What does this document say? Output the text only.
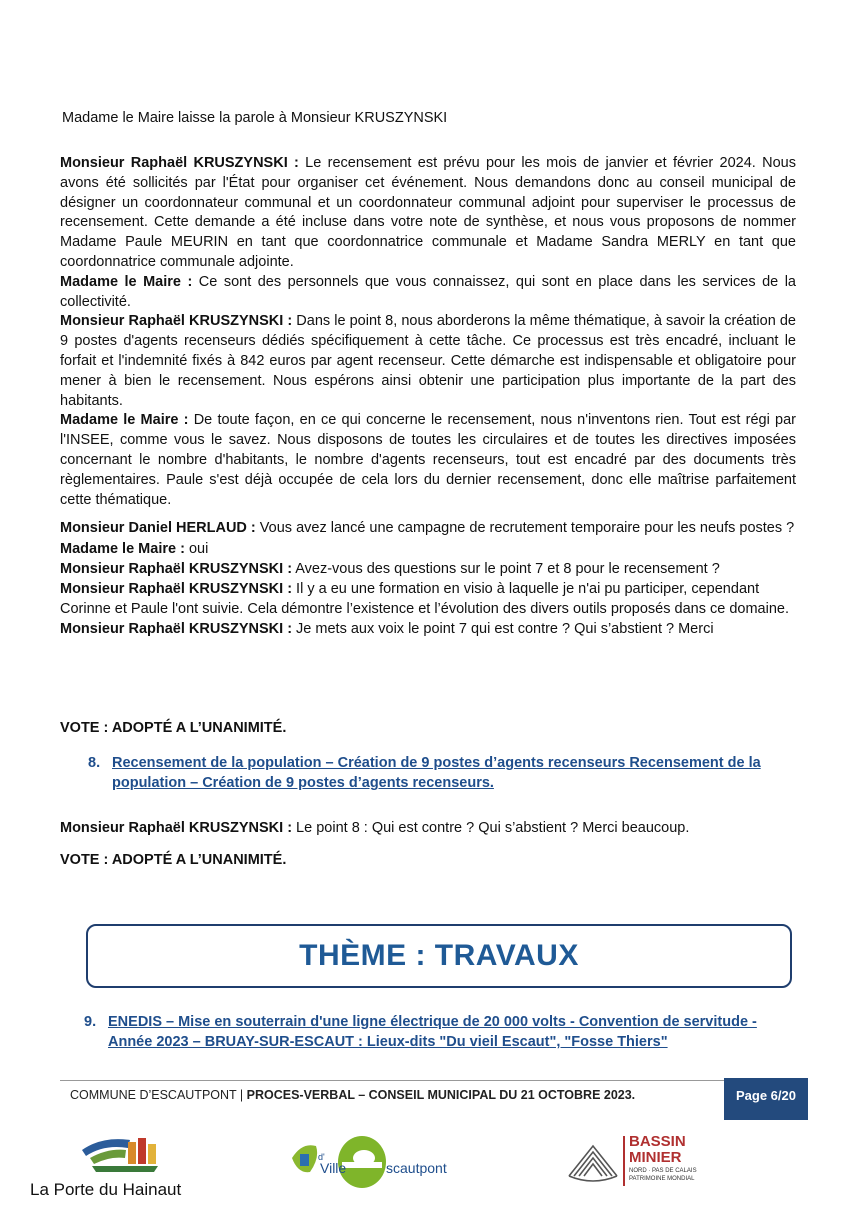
Madame le Maire laisse la parole à Monsieur KRUSZYNSKI

Monsieur Raphaël KRUSZYNSKI : Le recensement est prévu pour les mois de janvier et février 2024. Nous avons été sollicités par l'État pour organiser cet événement. Nous demandons donc au conseil municipal de désigner un coordonnateur communal et un coordonnateur communal adjoint pour superviser le processus de recensement. Cette demande a été incluse dans votre note de synthèse, et nous vous proposons de nommer Madame Paule MEURIN en tant que coordonnatrice communale et Madame Sandra MERLY en tant que coordonnatrice communale adjointe.

Madame le Maire : Ce sont des personnels que vous connaissez, qui sont en place dans les services de la collectivité.

Monsieur Raphaël KRUSZYNSKI : Dans le point 8, nous aborderons la même thématique, à savoir la création de 9 postes d'agents recenseurs dédiés spécifiquement à cette tâche. Ce processus est très encadré, incluant le forfait et l'indemnité fixés à 842 euros par agent recenseur. Cette démarche est indispensable et obligatoire pour mener à bien le recensement. Nous espérons ainsi obtenir une participation plus importante de la part des habitants.

Madame le Maire : De toute façon, en ce qui concerne le recensement, nous n'inventons rien. Tout est régi par l'INSEE, comme vous le savez. Nous disposons de toutes les circulaires et de toutes les directives imposées concernant le nombre d'habitants, le nombre d'agents recenseurs, tout est encadré par des documents très règlementaires. Paule s'est déjà occupée de cela lors du dernier recensement, donc elle maîtrise parfaitement cette thématique.

Monsieur Daniel HERLAUD : Vous avez lancé une campagne de recrutement temporaire pour les neufs postes ?

Madame le Maire : oui

Monsieur Raphaël KRUSZYNSKI : Avez-vous des questions sur le point 7 et 8 pour le recensement ?

Monsieur Raphaël KRUSZYNSKI : Il y a eu une formation en visio à laquelle je n'ai pu participer, cependant Corinne et Paule l'ont suivie. Cela démontre l’existence et l’évolution des divers outils proposés dans ce domaine.

Monsieur Raphaël KRUSZYNSKI : Je mets aux voix le point 7 qui est contre ? Qui s’abstient ? Merci

VOTE : ADOPTÉ A L’UNANIMITÉ.
8. Recensement de la population – Création de 9 postes d’agents recenseurs Recensement de la population – Création de 9 postes d’agents recenseurs.
Monsieur Raphaël KRUSZYNSKI : Le point 8 : Qui est contre ? Qui s’abstient ? Merci beaucoup.
VOTE : ADOPTÉ A L’UNANIMITÉ.
THÈME : TRAVAUX
9. ENEDIS – Mise en souterrain d'une ligne électrique de 20 000 volts - Convention de servitude - Année 2023 – BRUAY-SUR-ESCAUT : Lieux-dits "Du vieil Escaut", "Fosse Thiers"
COMMUNE D’ESCAUTPONT | PROCES-VERBAL – CONSEIL MUNICIPAL DU 21 OCTOBRE 2023.	Page 6/20
La Porte du Hainaut
d'
Ville	scautpont
BASSIN
MINIER
NORD · PAS DE CALAIS
PATRIMOINE MONDIAL
